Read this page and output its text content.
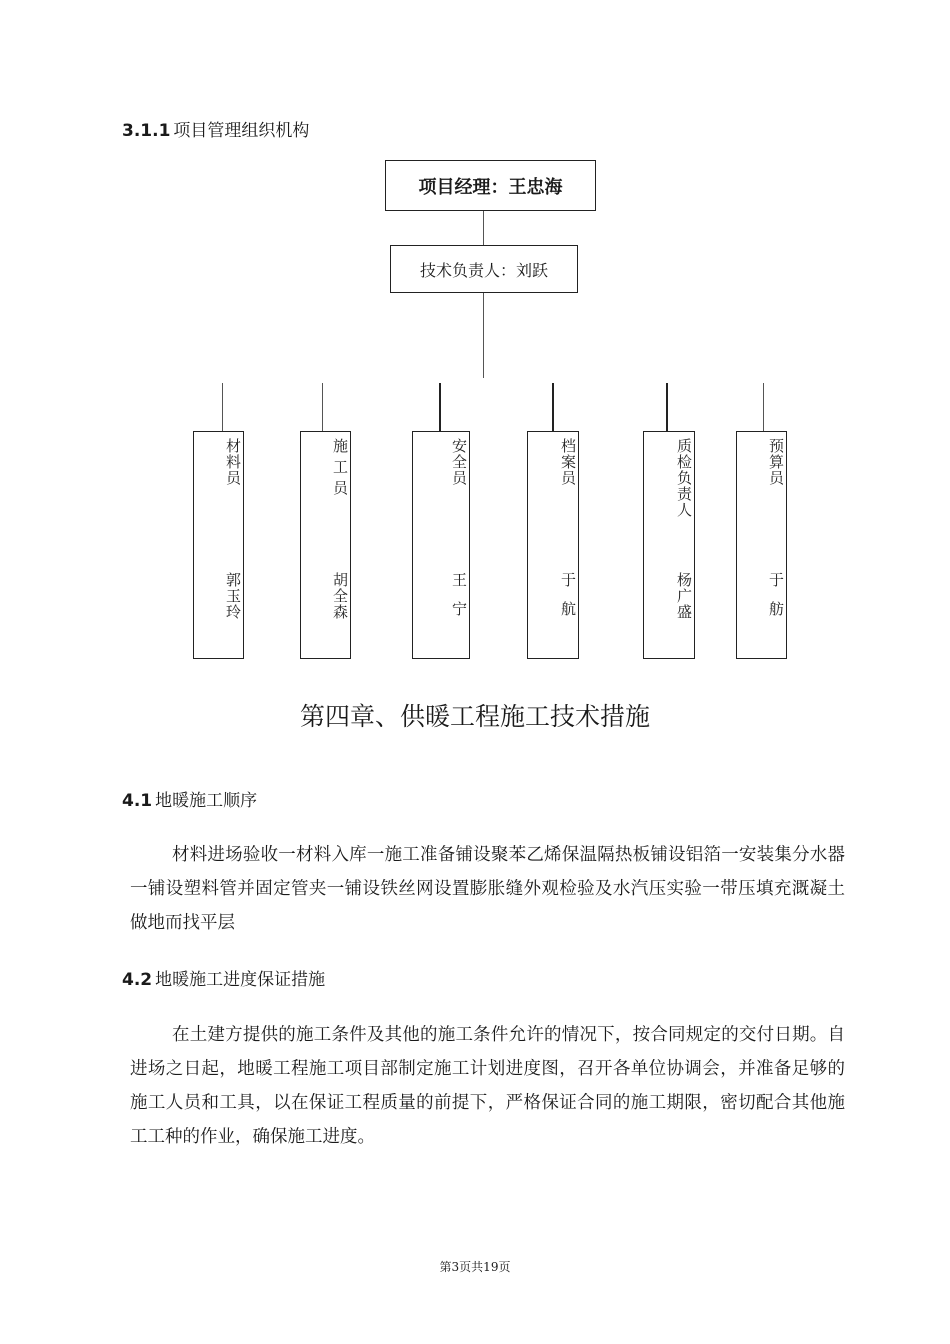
3.1.1 项目管理组织机构
项目经理：王忠海
技术负责人：刘跃
材料员
郭玉玲
施工员
胡全森
安全员
王宁
档案员
于航
质检负责人
杨广盛
预算员
于舫
第四章、供暖工程施工技术措施
4.1 地暖施工顺序

材料进场验收一材料入库一施工准备铺设聚苯乙烯保温隔热板铺设铝箔一安装集分水器一铺设塑料管并固定管夹一铺设铁丝网设置膨胀缝外观检验及水汽压实验一带压填充溉凝土做地而找平层

4.2 地暖施工进度保证措施

在土建方提供的施工条件及其他的施工条件允许的情况下，按合同规定的交付日期。自进场之日起，地暖工程施工项目部制定施工计划进度图，召开各单位协调会，并准备足够的施工人员和工具，以在保证工程质量的前提下，严格保证合同的施工期限，密切配合其他施工工种的作业，确保施工进度。

第3页共19页
